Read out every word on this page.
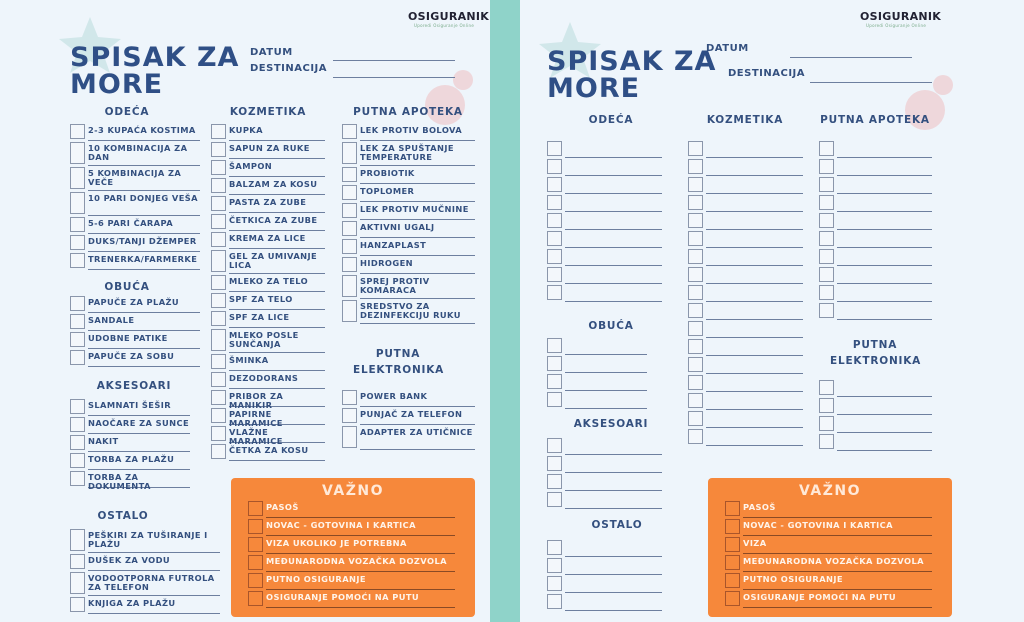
OSIGURANIK
Uporedi Osiguranje Online
SPISAK ZA
MORE
DATUM
DESTINACIJA
VAŽNO
PASOŠ
NOVAC - GOTOVINA I KARTICA
VIZA UKOLIKO JE POTREBNA
MEĐUNARODNA VOZAČKA DOZVOLA
PUTNO OSIGURANJE
OSIGURANJE POMOĆI NA PUTU
ODEĆA
2-3 KUPAĆA KOSTIMA
10 KOMBINACIJA ZA DAN
5 KOMBINACIJA ZA VEČE
10 PARI DONJEG VEŠA
5-6 PARI ČARAPA
DUKS/TANJI DŽEMPER
TRENERKA/FARMERKE
OBUĆA
PAPUČE ZA PLAŽU
SANDALE
UDOBNE PATIKE
PAPUČE ZA SOBU
AKSESOARI
SLAMNATI ŠEŠIR
NAOČARE ZA SUNCE
NAKIT
TORBA ZA PLAŽU
TORBA ZA DOKUMENTA
OSTALO
PEŠKIRI ZA TUŠIRANJE I PLAŽU
DUŠEK ZA VODU
VODOOTPORNA FUTROLA ZA TELEFON
KNJIGA ZA PLAŽU
KOZMETIKA
KUPKA
SAPUN ZA RUKE
ŠAMPON
BALZAM ZA KOSU
PASTA ZA ZUBE
ČETKICA ZA ZUBE
KREMA ZA LICE
GEL ZA UMIVANJE LICA
MLEKO ZA TELO
SPF ZA TELO
SPF ZA LICE
MLEKO POSLE SUNČANJA
ŠMINKA
DEZODORANS
PRIBOR ZA MANIKIR
PAPIRNE MARAMICE
VLAŽNE MARAMICE
ČETKA ZA KOSU
PUTNA APOTEKA
LEK PROTIV BOLOVA
LEK ZA SPUŠTANJE TEMPERATURE
PROBIOTIK
TOPLOMER
LEK PROTIV MUČNINE
AKTIVNI UGALJ
HANZAPLAST
HIDROGEN
SPREJ PROTIV KOMARACA
SREDSTVO ZA DEZINFEKCIJU RUKU
PUTNA ELEKTRONIKA
POWER BANK
PUNJAČ ZA TELEFON
ADAPTER ZA UTIČNICE
OSIGURANIK
Uporedi Osiguranje Online
SPISAK ZA
MORE
DATUM
DESTINACIJA
VAŽNO
PASOŠ
NOVAC - GOTOVINA I KARTICA
VIZA
MEĐUNARODNA VOZAČKA DOZVOLA
PUTNO OSIGURANJE
OSIGURANJE POMOĆI NA PUTU
ODEĆA
OBUĆA
AKSESOARI
OSTALO
KOZMETIKA	PUTNA APOTEKA
PUTNA ELEKTRONIKA
